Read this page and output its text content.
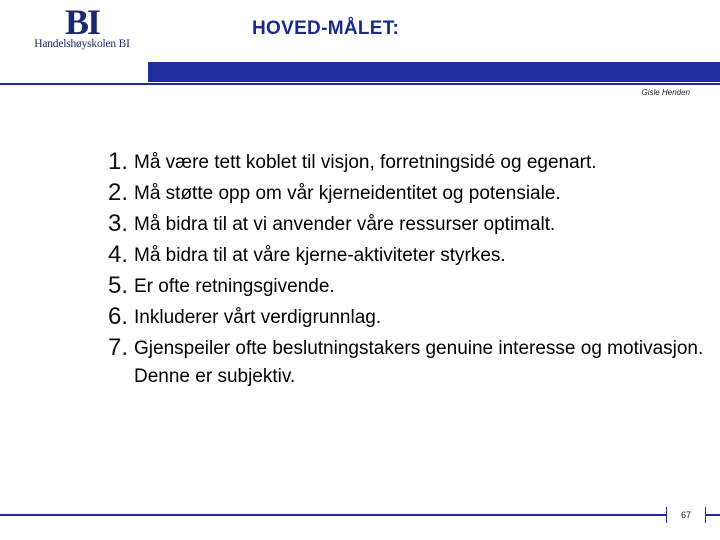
BI
Handelshøyskolen BI
HOVED-MÅLET:
Gisle Henden
1. Må være tett koblet til visjon, forretningsidé og egenart.
2. Må støtte opp om vår kjerneidentitet og potensiale.
3. Må bidra til at vi anvender våre ressurser optimalt.
4. Må bidra til at våre kjerne-aktiviteter styrkes.
5. Er ofte retningsgivende.
6. Inkluderer vårt verdigrunnlag.
7. Gjenspeiler ofte beslutningstakers genuine interesse og motivasjon. Denne er subjektiv.
67
